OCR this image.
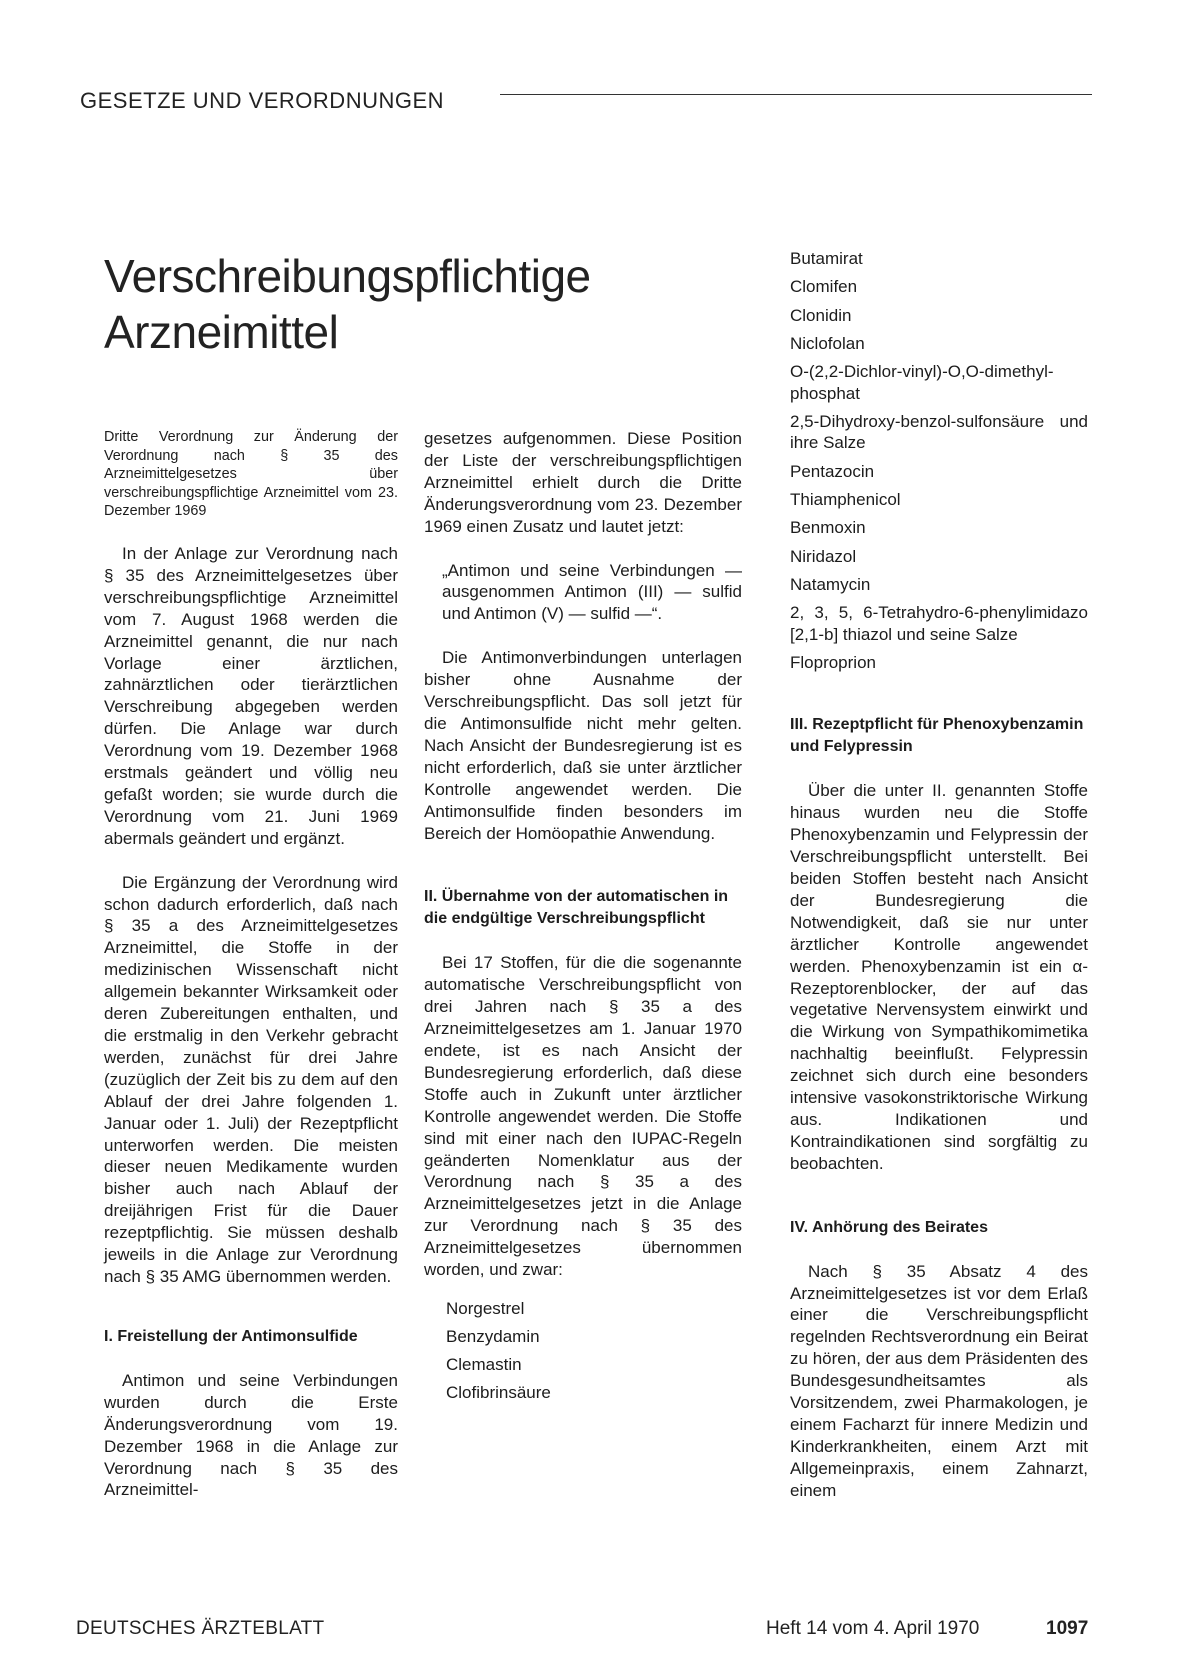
GESETZE UND VERORDNUNGEN
Verschreibungspflichtige
Arzneimittel

Dritte Verordnung zur Änderung der Verordnung nach § 35 des Arzneimittelgesetzes über verschreibungspflichtige Arzneimittel vom 23. Dezember 1969

In der Anlage zur Verordnung nach § 35 des Arzneimittelgesetzes über verschreibungspflichtige Arzneimittel vom 7. August 1968 werden die Arzneimittel genannt, die nur nach Vorlage einer ärztlichen, zahnärztlichen oder tierärztlichen Verschreibung abgegeben werden dürfen. Die Anlage war durch Verordnung vom 19. Dezember 1968 erstmals geändert und völlig neu gefaßt worden; sie wurde durch die Verordnung vom 21. Juni 1969 abermals geändert und ergänzt.

Die Ergänzung der Verordnung wird schon dadurch erforderlich, daß nach § 35 a des Arzneimittelgesetzes Arzneimittel, die Stoffe in der medizinischen Wissenschaft nicht allgemein bekannter Wirksamkeit oder deren Zubereitungen enthalten, und die erstmalig in den Verkehr gebracht werden, zunächst für drei Jahre (zuzüglich der Zeit bis zu dem auf den Ablauf der drei Jahre folgenden 1. Januar oder 1. Juli) der Rezeptpflicht unterworfen werden. Die meisten dieser neuen Medikamente wurden bisher auch nach Ablauf der dreijährigen Frist für die Dauer rezeptpflichtig. Sie müssen deshalb jeweils in die Anlage zur Verordnung nach § 35 AMG übernommen werden.

I. Freistellung der Antimonsulfide

Antimon und seine Verbindungen wurden durch die Erste Änderungsverordnung vom 19. Dezember 1968 in die Anlage zur Verordnung nach § 35 des Arzneimittel-

gesetzes aufgenommen. Diese Position der Liste der verschreibungspflichtigen Arzneimittel erhielt durch die Dritte Änderungsverordnung vom 23. Dezember 1969 einen Zusatz und lautet jetzt:

„Antimon und seine Verbindungen — ausgenommen Antimon (III) — sulfid und Antimon (V) — sulfid —“.

Die Antimonverbindungen unterlagen bisher ohne Ausnahme der Verschreibungspflicht. Das soll jetzt für die Antimonsulfide nicht mehr gelten. Nach Ansicht der Bundesregierung ist es nicht erforderlich, daß sie unter ärztlicher Kontrolle angewendet werden. Die Antimonsulfide finden besonders im Bereich der Homöopathie Anwendung.

II. Übernahme von der automatischen in die endgültige Verschreibungspflicht

Bei 17 Stoffen, für die die sogenannte automatische Verschreibungspflicht von drei Jahren nach § 35 a des Arzneimittelgesetzes am 1. Januar 1970 endete, ist es nach Ansicht der Bundesregierung erforderlich, daß diese Stoffe auch in Zukunft unter ärztlicher Kontrolle angewendet werden. Die Stoffe sind mit einer nach den IUPAC-Regeln geänderten Nomenklatur aus der Verordnung nach § 35 a des Arzneimittelgesetzes jetzt in die Anlage zur Verordnung nach § 35 des Arzneimittelgesetzes übernommen worden, und zwar:

Norgestrel
Benzydamin
Clemastin
Clofibrinsäure
Butamirat
Clomifen
Clonidin
Niclofolan
O-(2,2-Dichlor-vinyl)-O,O-dimethyl-phosphat
2,5-Dihydroxy-benzol-sulfonsäure und ihre Salze
Pentazocin
Thiamphenicol
Benmoxin
Niridazol
Natamycin
2, 3, 5, 6-Tetrahydro-6-phenylimidazo [2,1-b] thiazol und seine Salze
Floproprion
III. Rezeptpflicht für Phenoxybenzamin und Felypressin

Über die unter II. genannten Stoffe hinaus wurden neu die Stoffe Phenoxybenzamin und Felypressin der Verschreibungspflicht unterstellt. Bei beiden Stoffen besteht nach Ansicht der Bundesregierung die Notwendigkeit, daß sie nur unter ärztlicher Kontrolle angewendet werden. Phenoxybenzamin ist ein α-Rezeptorenblocker, der auf das vegetative Nervensystem einwirkt und die Wirkung von Sympathikomimetika nachhaltig beeinflußt. Felypressin zeichnet sich durch eine besonders intensive vasokonstriktorische Wirkung aus. Indikationen und Kontraindikationen sind sorgfältig zu beobachten.

IV. Anhörung des Beirates

Nach § 35 Absatz 4 des Arzneimittelgesetzes ist vor dem Erlaß einer die Verschreibungspflicht regelnden Rechtsverordnung ein Beirat zu hören, der aus dem Präsidenten des Bundesgesundheitsamtes als Vorsitzendem, zwei Pharmakologen, je einem Facharzt für innere Medizin und Kinderkrankheiten, einem Arzt mit Allgemeinpraxis, einem Zahnarzt, einem

DEUTSCHES ÄRZTEBLATT	Heft 14 vom 4. April 1970	1097
